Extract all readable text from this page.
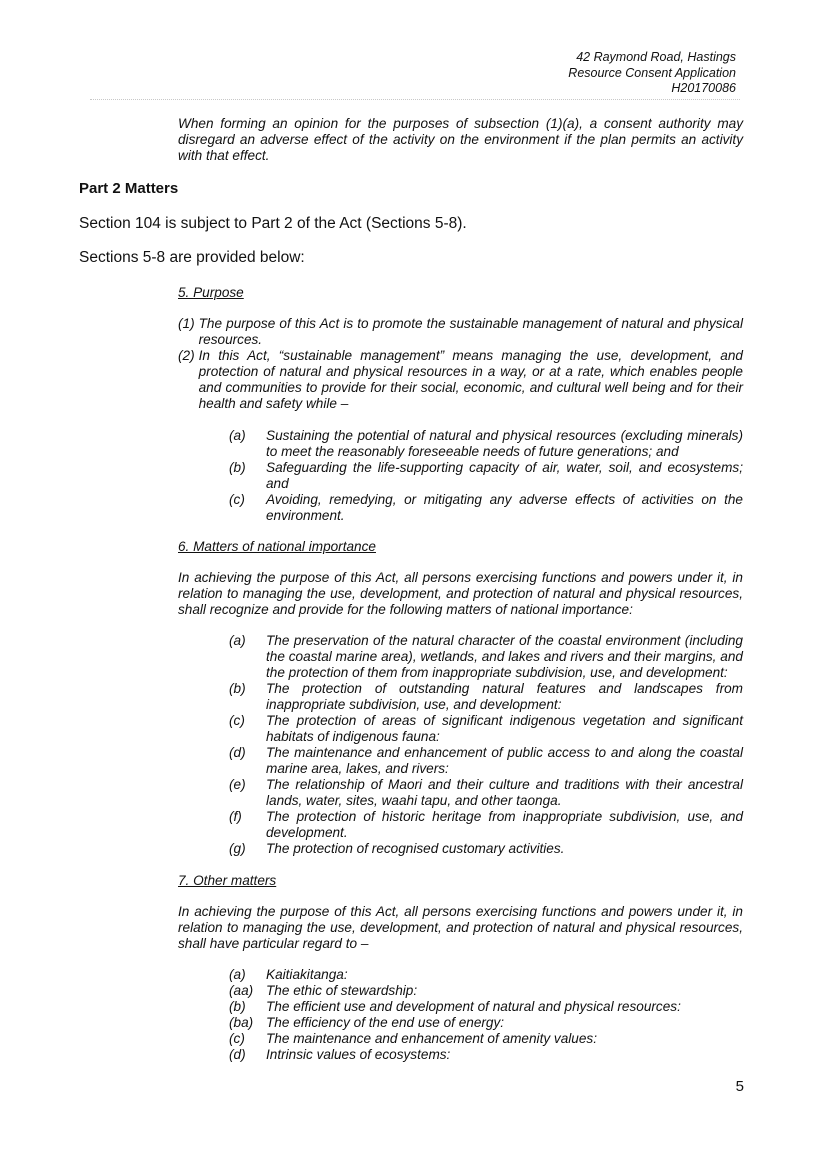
42 Raymond Road, Hastings
Resource Consent Application
H20170086
When forming an opinion for the purposes of subsection (1)(a), a consent authority may disregard an adverse effect of the activity on the environment if the plan permits an activity with that effect.
Part 2 Matters
Section 104 is subject to Part 2 of the Act (Sections 5-8).
Sections 5-8 are provided below:
5. Purpose
(1) The purpose of this Act is to promote the sustainable management of natural and physical resources.
(2) In this Act, “sustainable management” means managing the use, development, and protection of natural and physical resources in a way, or at a rate, which enables people and communities to provide for their social, economic, and cultural well being and for their health and safety while –
(a)	Sustaining the potential of natural and physical resources (excluding minerals) to meet the reasonably foreseeable needs of future generations; and
(b)	Safeguarding the life-supporting capacity of air, water, soil, and ecosystems; and
(c)	Avoiding, remedying, or mitigating any adverse effects of activities on the environment.
6. Matters of national importance
In achieving the purpose of this Act, all persons exercising functions and powers under it, in relation to managing the use, development, and protection of natural and physical resources, shall recognize and provide for the following matters of national importance:
(a)	The preservation of the natural character of the coastal environment (including the coastal marine area), wetlands, and lakes and rivers and their margins, and the protection of them from inappropriate subdivision, use, and development:
(b)	The protection of outstanding natural features and landscapes from inappropriate subdivision, use, and development:
(c)	The protection of areas of significant indigenous vegetation and significant habitats of indigenous fauna:
(d)	The maintenance and enhancement of public access to and along the coastal marine area, lakes, and rivers:
(e)	The relationship of Maori and their culture and traditions with their ancestral lands, water, sites, waahi tapu, and other taonga.
(f)	The protection of historic heritage from inappropriate subdivision, use, and development.
(g)	The protection of recognised customary activities.
7. Other matters
In achieving the purpose of this Act, all persons exercising functions and powers under it, in relation to managing the use, development, and protection of natural and physical resources, shall have particular regard to –
(a)	Kaitiakitanga:
(aa) The ethic of stewardship:
(b)	The efficient use and development of natural and physical resources:
(ba) The efficiency of the end use of energy:
(c)	The maintenance and enhancement of amenity values:
(d)	Intrinsic values of ecosystems:
5
